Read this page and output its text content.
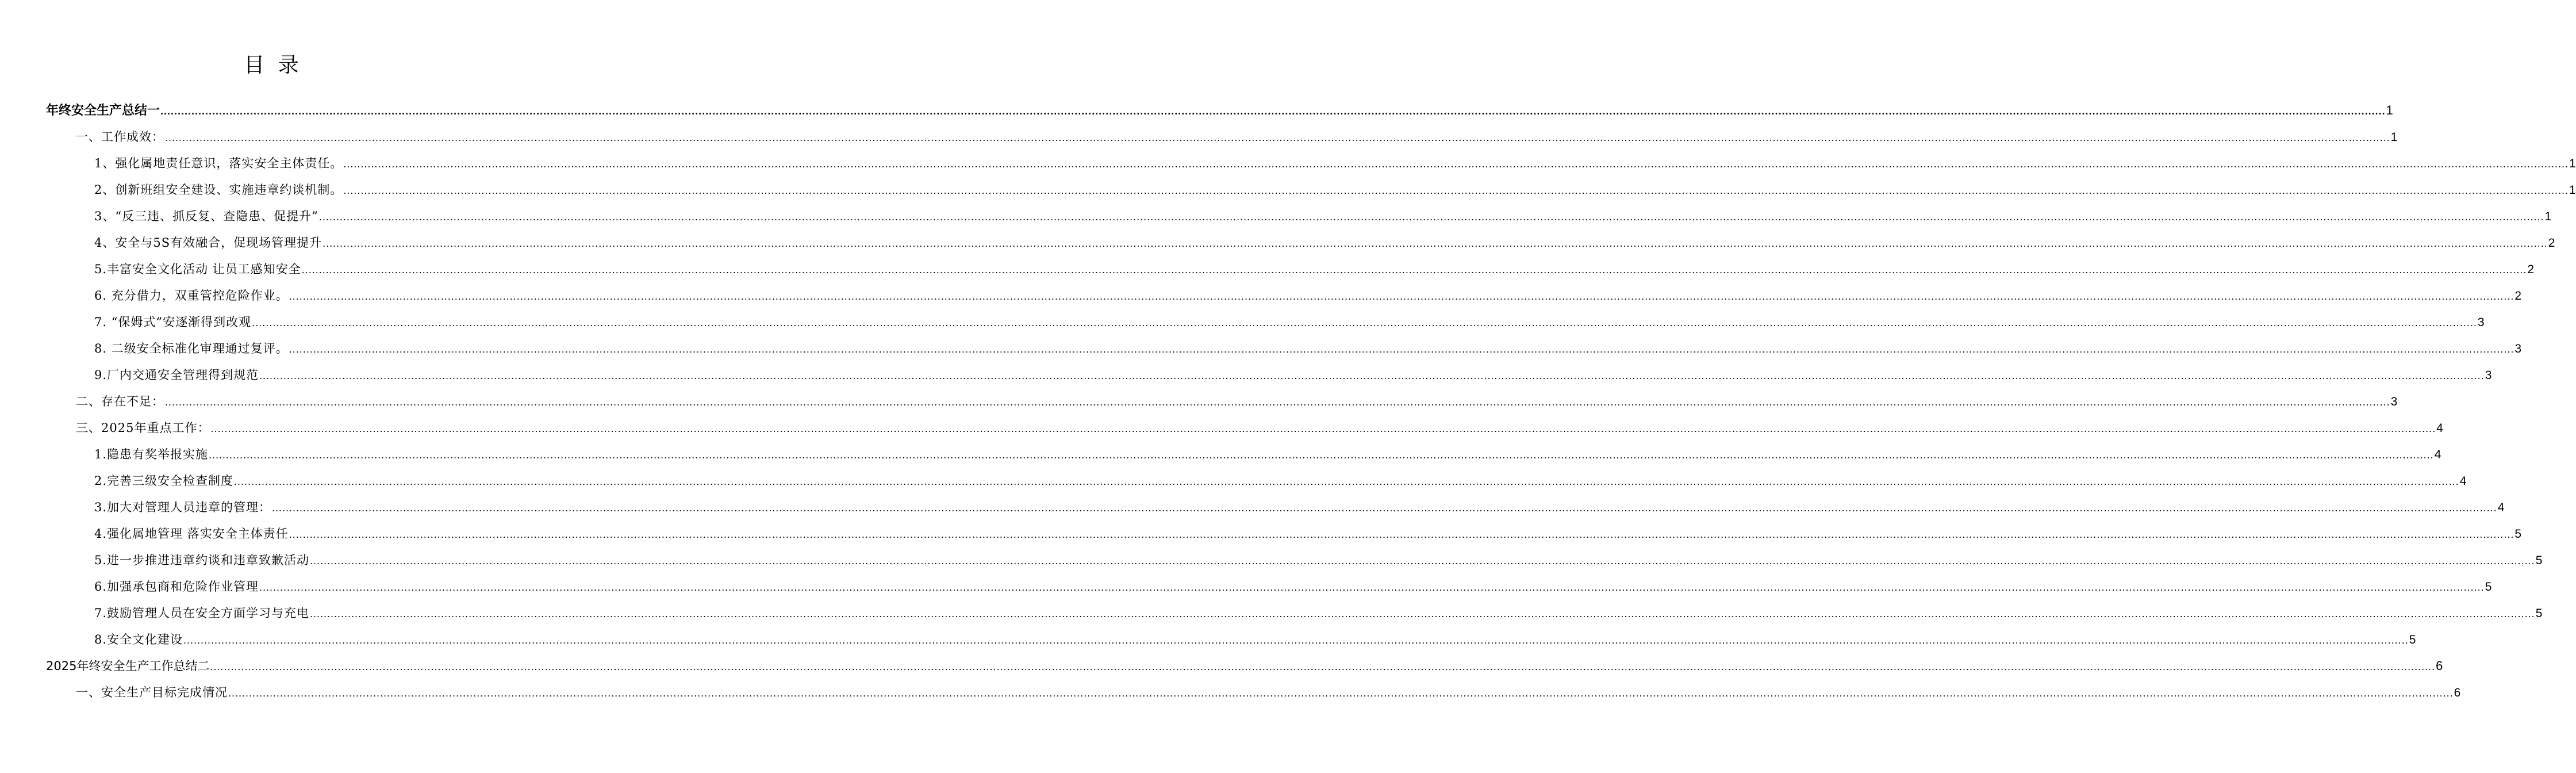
目 录
年终安全生产总结一 .....	1
一、工作成效： .....	1
1、强化属地责任意识，落实安全主体责任。 .....	1
2、创新班组安全建设、实施违章约谈机制。 .....	1
3、“反三违、抓反复、查隐患、促提升” .....	1
4、安全与5S有效融合，促现场管理提升 .....	2
5.丰富安全文化活动 让员工感知安全 .....	2
6. 充分借力，双重管控危险作业。 .....	2
7. “保姆式”安逐渐得到改观 .....	3
8. 二级安全标准化审理通过复评。 .....	3
9.厂内交通安全管理得到规范 .....	3
二、存在不足： .....	3
三、2025年重点工作： .....	4
1.隐患有奖举报实施 .....	4
2.完善三级安全检查制度 .....	4
3.加大对管理人员违章的管理： .....	4
4.强化属地管理 落实安全主体责任 .....	5
5.进一步推进违章约谈和违章致歉活动 .....	5
6.加强承包商和危险作业管理 .....	5
7.鼓励管理人员在安全方面学习与充电 .....	5
8.安全文化建设 .....	5
2025年终安全生产工作总结二 .....	6
一、安全生产目标完成情况 .....	6
